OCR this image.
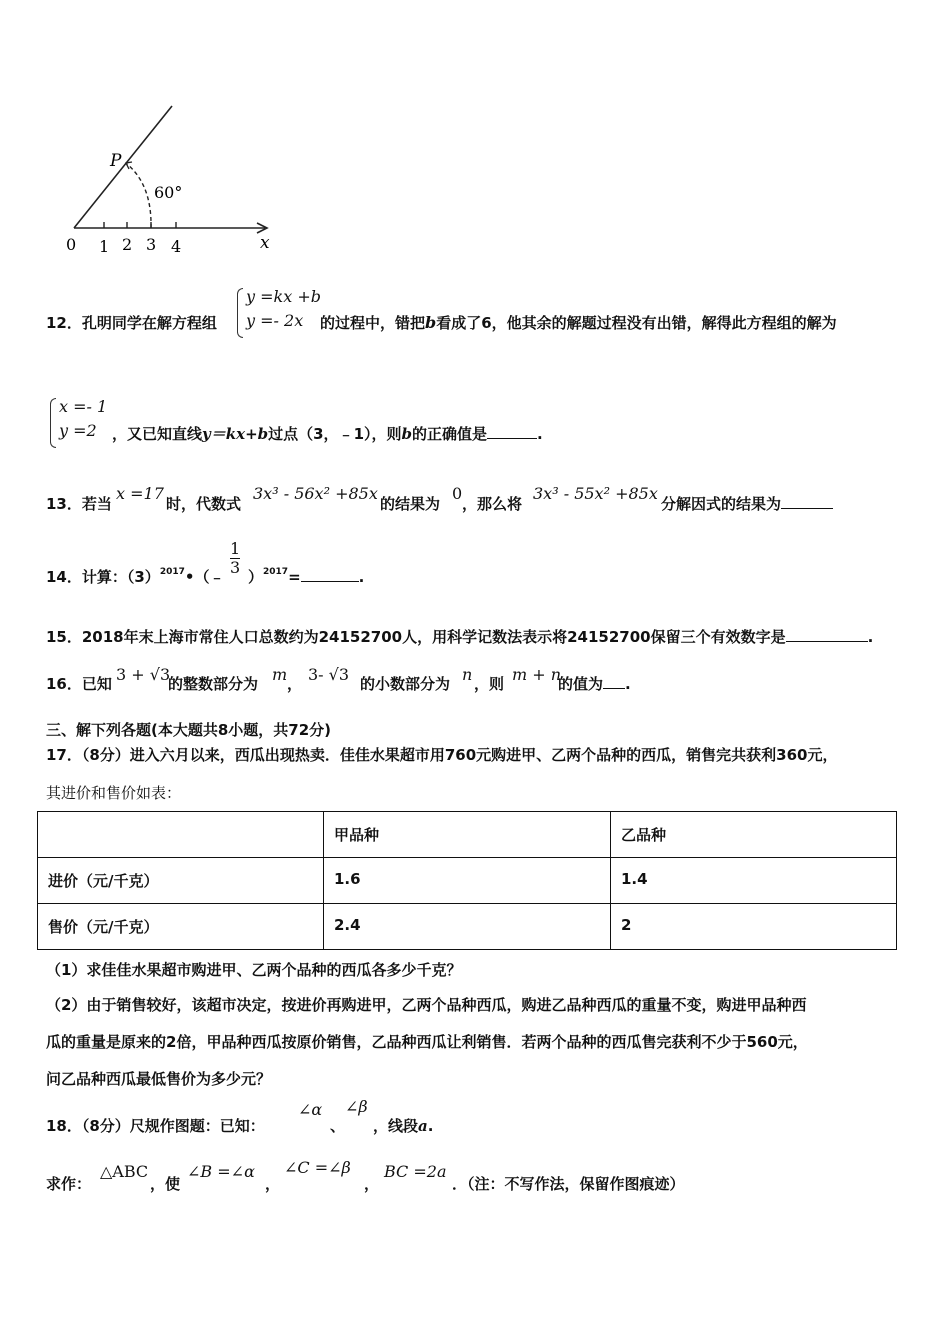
P
60°
x
0 1 2 3 4
12．孔明同学在解方程组
y =kx +b
y =- 2x	的过程中，错把b看成了6，他其余的解题过程没有出错，解得此方程组的解为
x =- 1
y =2	，又已知直线y＝kx+b过点（3，﹣1），则b的正确值是	.
13．若当
x =17
时，代数式
3x³ - 56x² +85x
的结果为
0
，那么将
3x³ - 55x² +85x
分解因式的结果为
14．计算：$(3)^{2017}•(﹣ \frac{1}{3} )^{2017}=$	.
15．2018年末上海市常住人口总数约为24152700人，用科学记数法表示将24152700保留三个有效数字是	.
16．已知 3 + √3
的整数部分为 m ， 3- √3 的小数部分为 n ，则 m + n
的值为 .
三、解下列各题(本大题共8小题，共72分)
17．（8分）进入六月以来，西瓜出现热卖．佳佳水果超市用760元购进甲、乙两个品种的西瓜，销售完共获利360元，
其进价和售价如表：
	甲品种	乙品种
进价（元/千克）	1.6	1.4
售价（元/千克）	2.4	2
（1）求佳佳水果超市购进甲、乙两个品种的西瓜各多少千克？
（2）由于销售较好，该超市决定，按进价再购进甲，乙两个品种西瓜，购进乙品种西瓜的重量不变，购进甲品种西
瓜的重量是原来的2倍，甲品种西瓜按原价销售，乙品种西瓜让利销售．若两个品种的西瓜售完获利不少于560元，
问乙品种西瓜最低售价为多少元？
18．（8分）尺规作图题：已知：
∠α
、
∠β
，线段a.
求作：
△ABC
，使
∠B =∠α
，
∠C =∠β
，
BC =2a
．（注：不写作法，保留作图痕迹）
